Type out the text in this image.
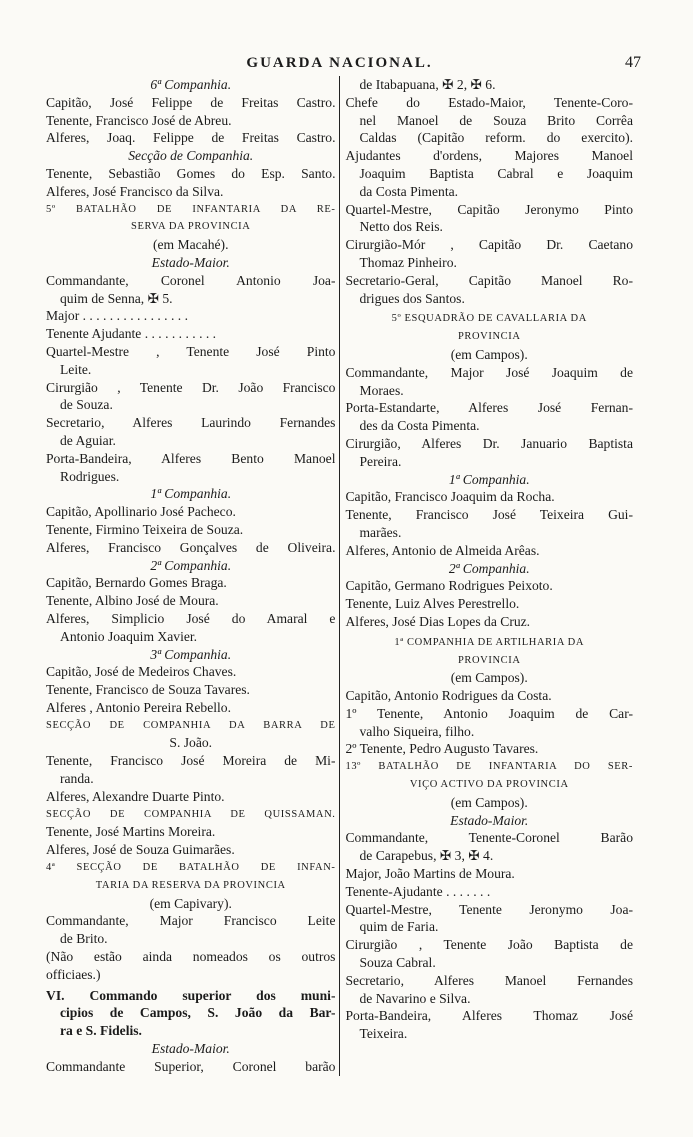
GUARDA NACIONAL.	47
6ª Companhia.
Capitão, José Felippe de Freitas Castro.
Tenente, Francisco José de Abreu.
Alferes, Joaq. Felippe de Freitas Castro.
Secção de Companhia.
Tenente, Sebastião Gomes do Esp. Santo.
Alferes, José Francisco da Silva.
5º BATALHÃO DE INFANTARIA DA RE-
SERVA DA PROVINCIA
(em Macahé).
Estado-Maior.
Commandante, Coronel Antonio Joa-
quim de Senna, ✠ 5.
Major . . . . . . . . . . . . . . . .
Tenente Ajudante . . . . . . . . . . .
Quartel-Mestre , Tenente José Pinto
Leite.
Cirurgião , Tenente Dr. João Francisco
de Souza.
Secretario, Alferes Laurindo Fernandes
de Aguiar.
Porta-Bandeira, Alferes Bento Manoel
Rodrigues.
1ª Companhia.
Capitão, Apollinario José Pacheco.
Tenente, Firmino Teixeira de Souza.
Alferes, Francisco Gonçalves de Oliveira.
2ª Companhia.
Capitão, Bernardo Gomes Braga.
Tenente, Albino José de Moura.
Alferes, Simplicio José do Amaral e
Antonio Joaquim Xavier.
3ª Companhia.
Capitão, José de Medeiros Chaves.
Tenente, Francisco de Souza Tavares.
Alferes , Antonio Pereira Rebello.
SECÇÃO DE COMPANHIA DA BARRA DE
S. João.
Tenente, Francisco José Moreira de Mi-
randa.
Alferes, Alexandre Duarte Pinto.
SECÇÃO DE COMPANHIA DE QUISSAMAN.
Tenente, José Martins Moreira.
Alferes, José de Souza Guimarães.
4ª SECÇÃO DE BATALHÃO DE INFAN-
TARIA DA RESERVA DA PROVINCIA
(em Capivary).
Commandante, Major Francisco Leite
de Brito.
(Não estão ainda nomeados os outros
officiaes.)
VI. Commando superior dos muni-
cipios de Campos, S. João da Bar-
ra e S. Fidelis.
Estado-Maior.
Commandante Superior, Coronel barão
de Itabapuana, ✠ 2, ✠ 6.
Chefe do Estado-Maior, Tenente-Coro-
nel Manoel de Souza Brito Corrêa
Caldas (Capitão reform. do exercito).
Ajudantes d'ordens, Majores Manoel
Joaquim Baptista Cabral e Joaquim
da Costa Pimenta.
Quartel-Mestre, Capitão Jeronymo Pinto
Netto dos Reis.
Cirurgião-Mór , Capitão Dr. Caetano
Thomaz Pinheiro.
Secretario-Geral, Capitão Manoel Ro-
drigues dos Santos.
5º ESQUADRÃO DE CAVALLARIA DA
PROVINCIA
(em Campos).
Commandante, Major José Joaquim de
Moraes.
Porta-Estandarte, Alferes José Fernan-
des da Costa Pimenta.
Cirurgião, Alferes Dr. Januario Baptista
Pereira.
1ª Companhia.
Capitão, Francisco Joaquim da Rocha.
Tenente, Francisco José Teixeira Gui-
marães.
Alferes, Antonio de Almeida Arêas.
2ª Companhia.
Capitão, Germano Rodrigues Peixoto.
Tenente, Luiz Alves Perestrello.
Alferes, José Dias Lopes da Cruz.
1ª COMPANHIA DE ARTILHARIA DA
PROVINCIA
(em Campos).
Capitão, Antonio Rodrigues da Costa.
1º Tenente, Antonio Joaquim de Car-
valho Siqueira, filho.
2º Tenente, Pedro Augusto Tavares.
13º BATALHÃO DE INFANTARIA DO SER-
VIÇO ACTIVO DA PROVINCIA
(em Campos).
Estado-Maior.
Commandante, Tenente-Coronel Barão
de Carapebus, ✠ 3, ✠ 4.
Major, João Martins de Moura.
Tenente-Ajudante . . . . . . .
Quartel-Mestre, Tenente Jeronymo Joa-
quim de Faria.
Cirurgião , Tenente João Baptista de
Souza Cabral.
Secretario, Alferes Manoel Fernandes
de Navarino e Silva.
Porta-Bandeira, Alferes Thomaz José
Teixeira.
